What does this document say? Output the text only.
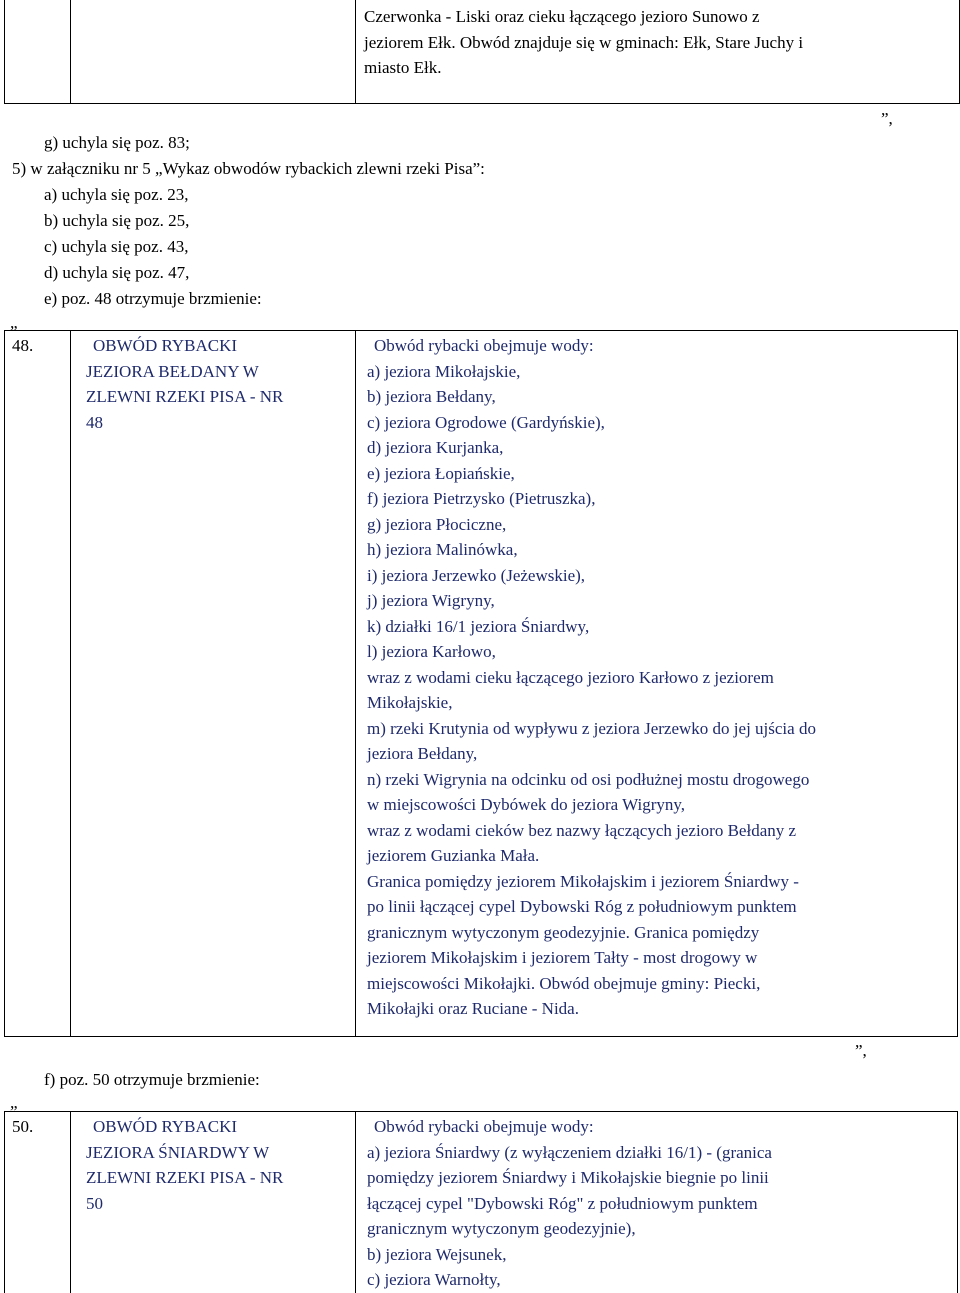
Czerwonka - Liski oraz cieku łączącego jezioro Sunowo z
jeziorem Ełk. Obwód znajduje się w gminach: Ełk, Stare Juchy i
miasto Ełk.
”,
g) uchyla się poz. 83;
5) w załączniku nr 5 „Wykaz obwodów rybackich zlewni rzeki Pisa”:
a) uchyla się poz. 23,
b) uchyla się poz. 25,
c) uchyla się poz. 43,
d) uchyla się poz. 47,
e) poz. 48 otrzymuje brzmienie:
„
48.	OBWÓD RYBACKI
JEZIORA BEŁDANY W
ZLEWNI RZEKI PISA - NR
48
Obwód rybacki obejmuje wody:
a) jeziora Mikołajskie,
b) jeziora Bełdany,
c) jeziora Ogrodowe (Gardyńskie),
d) jeziora Kurjanka,
e) jeziora Łopiańskie,
f) jeziora Pietrzysko (Pietruszka),
g) jeziora Płociczne,
h) jeziora Malinówka,
i) jeziora Jerzewko (Jeżewskie),
j) jeziora Wigryny,
k) działki 16/1 jeziora Śniardwy,
l) jeziora Karłowo,
wraz z wodami cieku łączącego jezioro Karłowo z jeziorem
Mikołajskie,
m) rzeki Krutynia od wypływu z jeziora Jerzewko do jej ujścia do
jeziora Bełdany,
n) rzeki Wigrynia na odcinku od osi podłużnej mostu drogowego
w miejscowości Dybówek do jeziora Wigryny,
wraz z wodami cieków bez nazwy łączących jezioro Bełdany z
jeziorem Guzianka Mała.
Granica pomiędzy jeziorem Mikołajskim i jeziorem Śniardwy -
po linii łączącej cypel Dybowski Róg z południowym punktem
granicznym wytyczonym geodezyjnie. Granica pomiędzy
jeziorem Mikołajskim i jeziorem Tałty - most drogowy w
miejscowości Mikołajki. Obwód obejmuje gminy: Piecki,
Mikołajki oraz Ruciane - Nida.
”,
f) poz. 50 otrzymuje brzmienie:
„
50.	OBWÓD RYBACKI
JEZIORA ŚNIARDWY W
ZLEWNI RZEKI PISA - NR
50
Obwód rybacki obejmuje wody:
a) jeziora Śniardwy (z wyłączeniem działki 16/1) - (granica
pomiędzy jeziorem Śniardwy i Mikołajskie biegnie po linii
łączącej cypel "Dybowski Róg" z południowym punktem
granicznym wytyczonym geodezyjnie),
b) jeziora Wejsunek,
c) jeziora Warnołty,
